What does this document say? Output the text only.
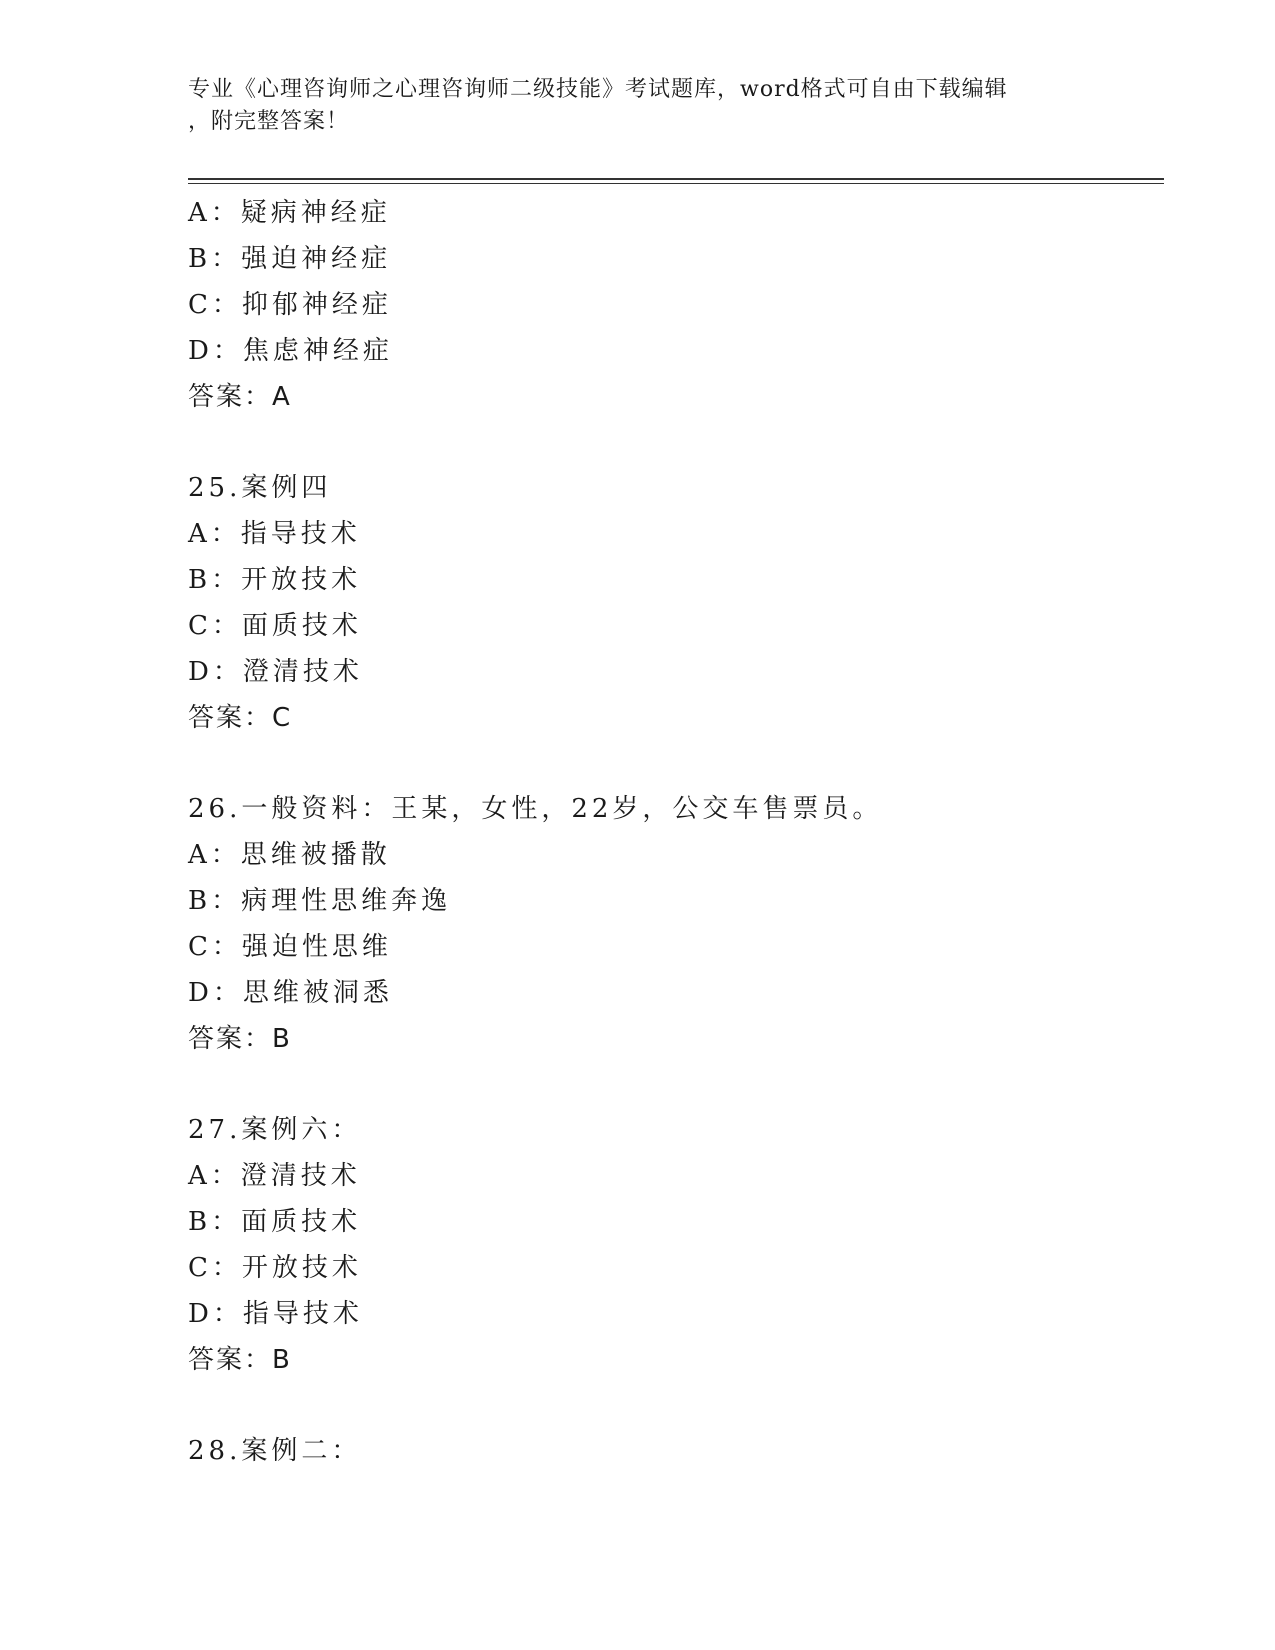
专业《心理咨询师之心理咨询师二级技能》考试题库，word格式可自由下载编辑
，附完整答案！
A：疑病神经症
B：强迫神经症
C：抑郁神经症
D：焦虑神经症
答案：A
25.案例四
A：指导技术
B：开放技术
C：面质技术
D：澄清技术
答案：C
26.一般资料：王某，女性，22岁，公交车售票员。
A：思维被播散
B：病理性思维奔逸
C：强迫性思维
D：思维被洞悉
答案：B
27.案例六：
A：澄清技术
B：面质技术
C：开放技术
D：指导技术
答案：B
28.案例二：
